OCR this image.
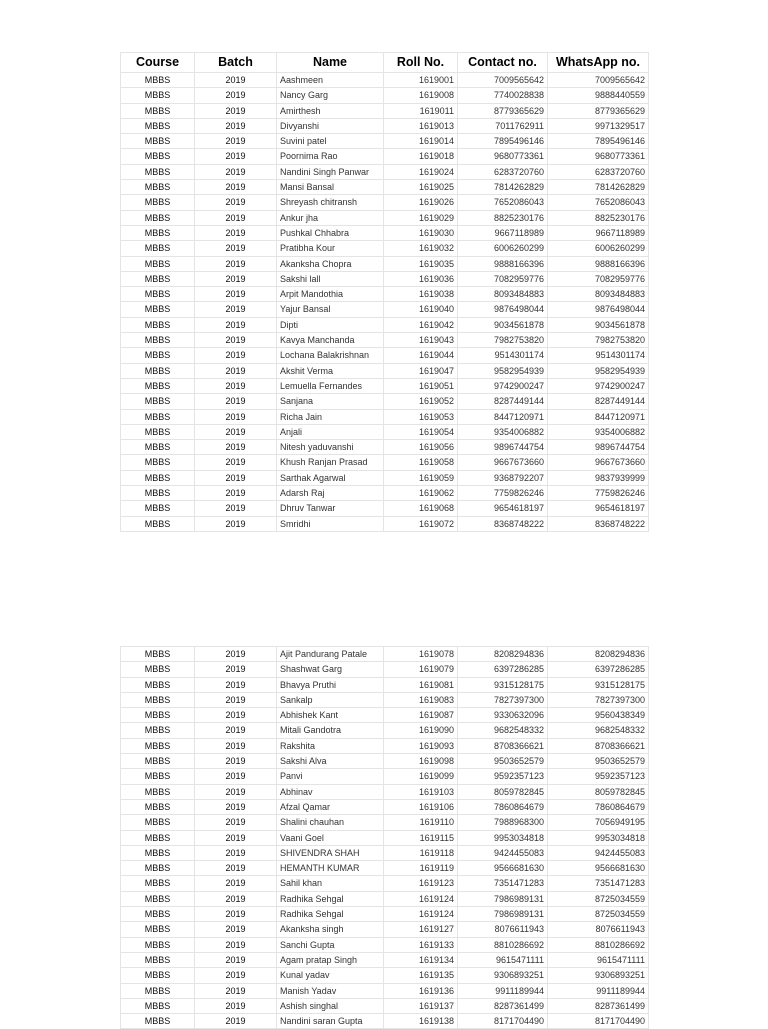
Course	Batch	Name	Roll No.	Contact no.	WhatsApp no.
MBBS	2019	Aashmeen	1619001	7009565642	7009565642
MBBS	2019	Nancy Garg	1619008	7740028838	9888440559
MBBS	2019	Amirthesh	1619011	8779365629	8779365629
MBBS	2019	Divyanshi	1619013	7011762911	9971329517
MBBS	2019	Suvini patel	1619014	7895496146	7895496146
MBBS	2019	Poornima Rao	1619018	9680773361	9680773361
MBBS	2019	Nandini Singh Panwar	1619024	6283720760	6283720760
MBBS	2019	Mansi Bansal	1619025	7814262829	7814262829
MBBS	2019	Shreyash chitransh	1619026	7652086043	7652086043
MBBS	2019	Ankur jha	1619029	8825230176	8825230176
MBBS	2019	Pushkal Chhabra	1619030	9667118989	9667118989
MBBS	2019	Pratibha Kour	1619032	6006260299	6006260299
MBBS	2019	Akanksha Chopra	1619035	9888166396	9888166396
MBBS	2019	Sakshi lall	1619036	7082959776	7082959776
MBBS	2019	Arpit Mandothia	1619038	8093484883	8093484883
MBBS	2019	Yajur Bansal	1619040	9876498044	9876498044
MBBS	2019	Dipti	1619042	9034561878	9034561878
MBBS	2019	Kavya Manchanda	1619043	7982753820	7982753820
MBBS	2019	Lochana Balakrishnan	1619044	9514301174	9514301174
MBBS	2019	Akshit Verma	1619047	9582954939	9582954939
MBBS	2019	Lemuella Fernandes	1619051	9742900247	9742900247
MBBS	2019	Sanjana	1619052	8287449144	8287449144
MBBS	2019	Richa Jain	1619053	8447120971	8447120971
MBBS	2019	Anjali	1619054	9354006882	9354006882
MBBS	2019	Nitesh yaduvanshi	1619056	9896744754	9896744754
MBBS	2019	Khush Ranjan Prasad	1619058	9667673660	9667673660
MBBS	2019	Sarthak Agarwal	1619059	9368792207	9837939999
MBBS	2019	Adarsh Raj	1619062	7759826246	7759826246
MBBS	2019	Dhruv Tanwar	1619068	9654618197	9654618197
MBBS	2019	Smridhi	1619072	8368748222	8368748222
MBBS	2019	Ajit Pandurang Patale	1619078	8208294836	8208294836
MBBS	2019	Shashwat Garg	1619079	6397286285	6397286285
MBBS	2019	Bhavya Pruthi	1619081	9315128175	9315128175
MBBS	2019	Sankalp	1619083	7827397300	7827397300
MBBS	2019	Abhishek Kant	1619087	9330632096	9560438349
MBBS	2019	Mitali Gandotra	1619090	9682548332	9682548332
MBBS	2019	Rakshita	1619093	8708366621	8708366621
MBBS	2019	Sakshi Alva	1619098	9503652579	9503652579
MBBS	2019	Panvi	1619099	9592357123	9592357123
MBBS	2019	Abhinav	1619103	8059782845	8059782845
MBBS	2019	Afzal Qamar	1619106	7860864679	7860864679
MBBS	2019	Shalini chauhan	1619110	7988968300	7056949195
MBBS	2019	Vaani Goel	1619115	9953034818	9953034818
MBBS	2019	SHIVENDRA SHAH	1619118	9424455083	9424455083
MBBS	2019	HEMANTH KUMAR	1619119	9566681630	9566681630
MBBS	2019	Sahil khan	1619123	7351471283	7351471283
MBBS	2019	Radhika Sehgal	1619124	7986989131	8725034559
MBBS	2019	Radhika Sehgal	1619124	7986989131	8725034559
MBBS	2019	Akanksha singh	1619127	8076611943	8076611943
MBBS	2019	Sanchi Gupta	1619133	8810286692	8810286692
MBBS	2019	Agam pratap Singh	1619134	9615471111	9615471111
MBBS	2019	Kunal yadav	1619135	9306893251	9306893251
MBBS	2019	Manish Yadav	1619136	9911189944	9911189944
MBBS	2019	Ashish singhal	1619137	8287361499	8287361499
MBBS	2019	Nandini saran Gupta	1619138	8171704490	8171704490
